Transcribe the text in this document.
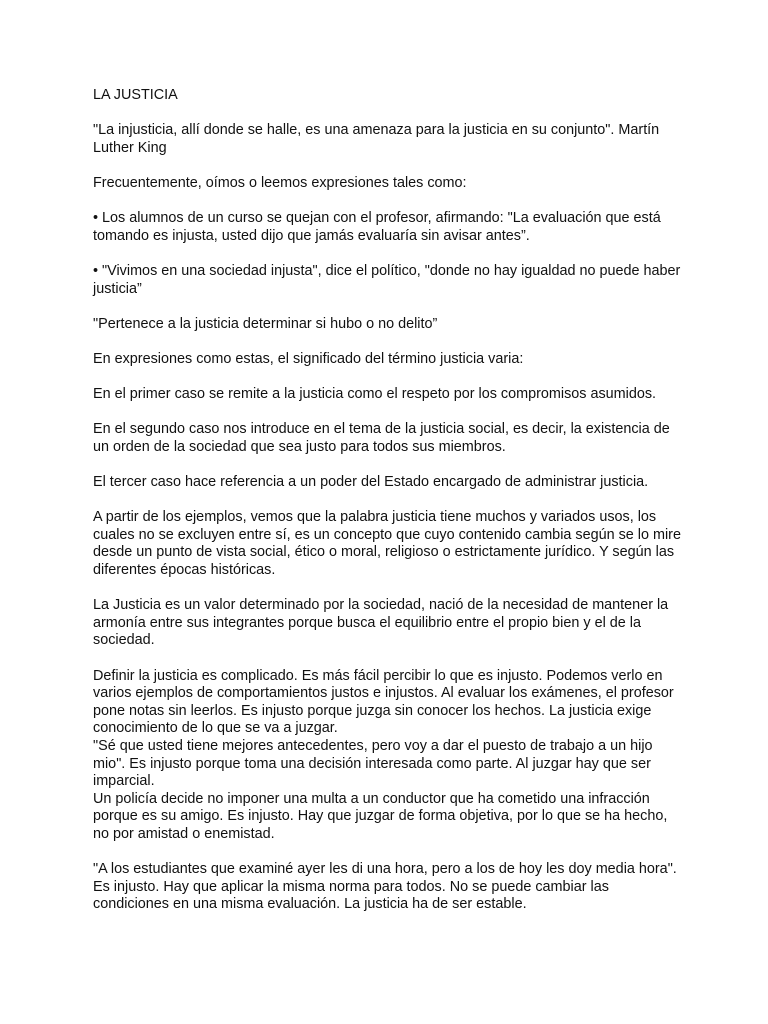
LA JUSTICIA

"La injusticia, allí donde se halle, es una amenaza para la justicia en su conjunto". Martín
Luther King

Frecuentemente, oímos o leemos expresiones tales como:

• Los alumnos de un curso se quejan con el profesor, afirmando: "La evaluación que está
tomando es injusta, usted dijo que jamás evaluaría sin avisar antes”.

• "Vivimos en una sociedad injusta", dice el político, "donde no hay igualdad no puede haber
justicia”

"Pertenece a la justicia determinar si hubo o no delito”

En expresiones como estas, el significado del término justicia varia:

En el primer caso se remite a la justicia como el respeto por los compromisos asumidos.

En el segundo caso nos introduce en el tema de la justicia social, es decir, la existencia de
un orden de la sociedad que sea justo para todos sus miembros.

El tercer caso hace referencia a un poder del Estado encargado de administrar justicia.

A partir de los ejemplos, vemos que la palabra justicia tiene muchos y variados usos, los
cuales no se excluyen entre sí, es un concepto que cuyo contenido cambia según se lo mire
desde un punto de vista social, ético o moral, religioso o estrictamente jurídico. Y según las
diferentes épocas históricas.

La Justicia es un valor determinado por la sociedad, nació de la necesidad de mantener la
armonía entre sus integrantes porque busca el equilibrio entre el propio bien y el de la
sociedad.

Definir la justicia es complicado. Es más fácil percibir lo que es injusto. Podemos verlo en
varios ejemplos de comportamientos justos e injustos. Al evaluar los exámenes, el profesor
pone notas sin leerlos. Es injusto porque juzga sin conocer los hechos. La justicia exige
conocimiento de lo que se va a juzgar.
"Sé que usted tiene mejores antecedentes, pero voy a dar el puesto de trabajo a un hijo
mio". Es injusto porque toma una decisión interesada como parte. Al juzgar hay que ser
imparcial.
Un policía decide no imponer una multa a un conductor que ha cometido una infracción
porque es su amigo. Es injusto. Hay que juzgar de forma objetiva, por lo que se ha hecho,
no por amistad o enemistad.

"A los estudiantes que examiné ayer les di una hora, pero a los de hoy les doy media hora".
Es injusto. Hay que aplicar la misma norma para todos. No se puede cambiar las
condiciones en una misma evaluación. La justicia ha de ser estable.
